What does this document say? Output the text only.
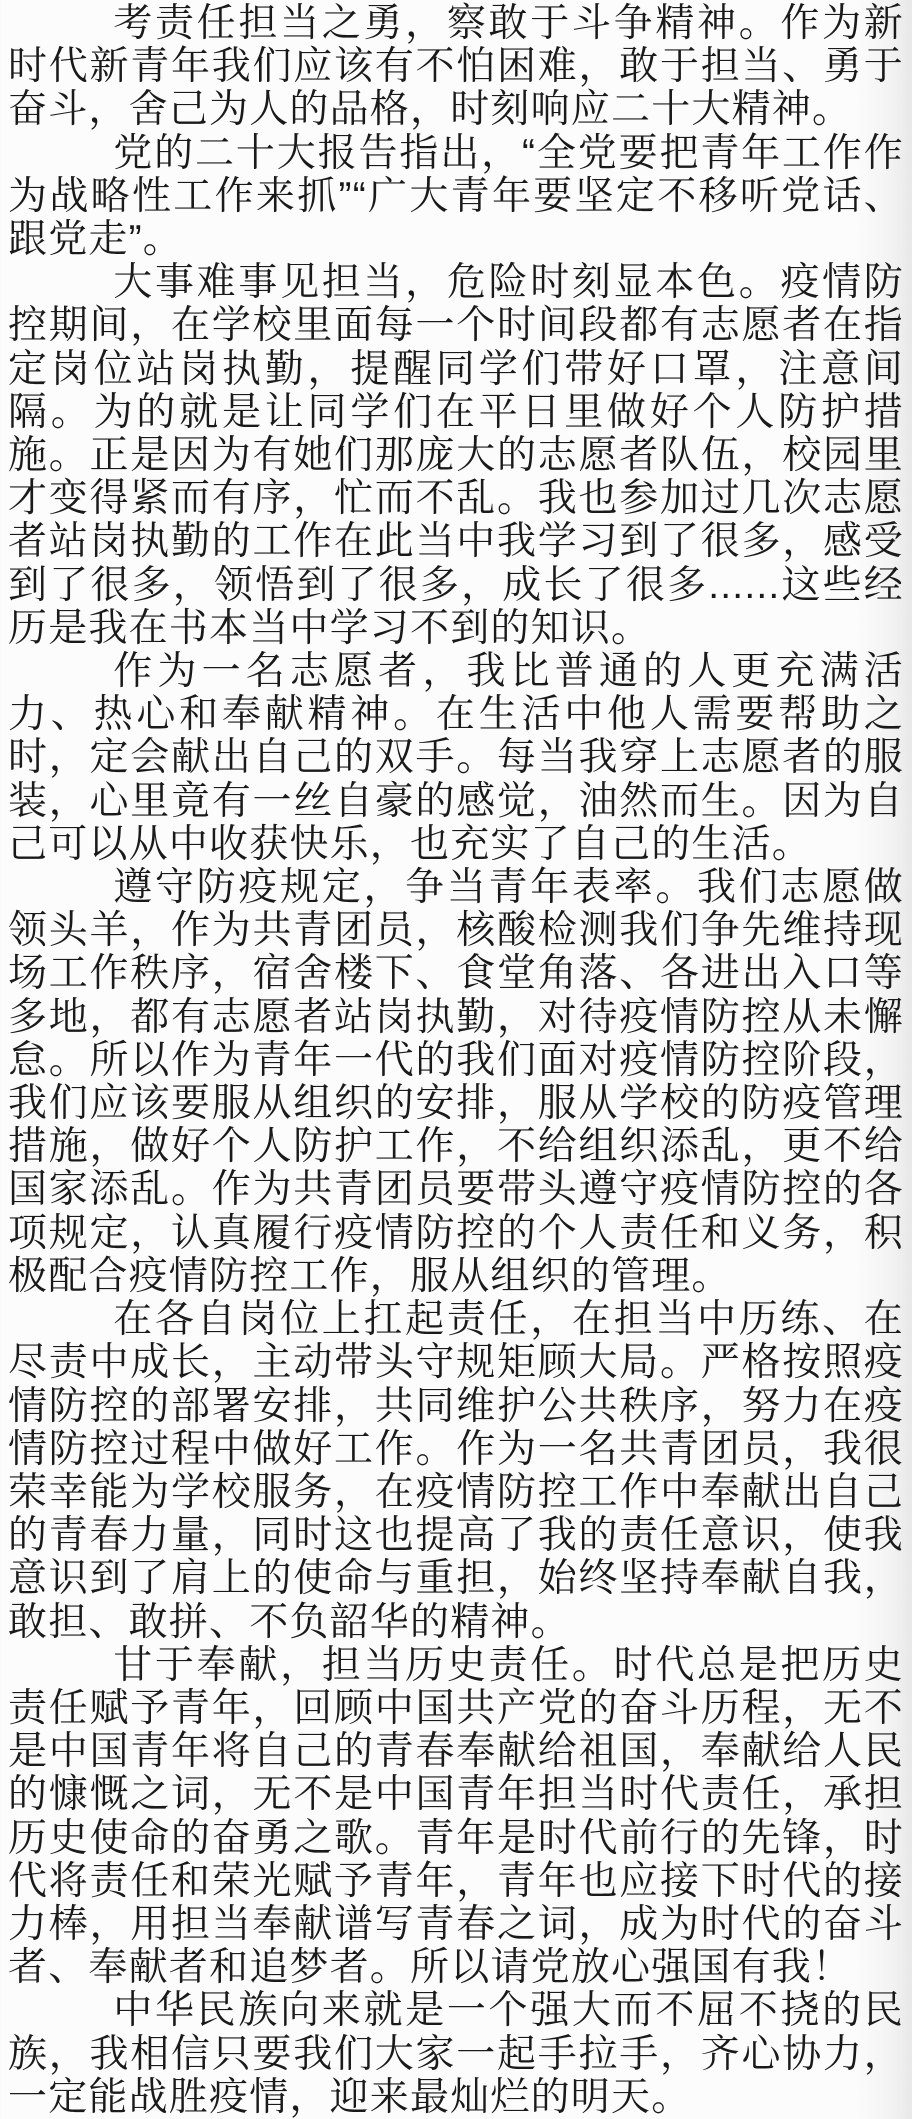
考责任担当之勇，察敢于斗争精神。作为新时代新青年我们应该有不怕困难，敢于担当、勇于奋斗，舍己为人的品格，时刻响应二十大精神。

党的二十大报告指出，“全党要把青年工作作为战略性工作来抓”“广大青年要坚定不移听党话、跟党走”。

大事难事见担当，危险时刻显本色。疫情防控期间，在学校里面每一个时间段都有志愿者在指定岗位站岗执勤，提醒同学们带好口罩，注意间隔。为的就是让同学们在平日里做好个人防护措施。正是因为有她们那庞大的志愿者队伍，校园里才变得紧而有序，忙而不乱。我也参加过几次志愿者站岗执勤的工作在此当中我学习到了很多，感受到了很多，领悟到了很多，成长了很多......这些经历是我在书本当中学习不到的知识。

作为一名志愿者，我比普通的人更充满活力、热心和奉献精神。在生活中他人需要帮助之时，定会献出自己的双手。每当我穿上志愿者的服装，心里竟有一丝自豪的感觉，油然而生。因为自己可以从中收获快乐，也充实了自己的生活。

遵守防疫规定，争当青年表率。我们志愿做领头羊，作为共青团员，核酸检测我们争先维持现场工作秩序，宿舍楼下、食堂角落、各进出入口等多地，都有志愿者站岗执勤，对待疫情防控从未懈怠。所以作为青年一代的我们面对疫情防控阶段，我们应该要服从组织的安排，服从学校的防疫管理措施，做好个人防护工作，不给组织添乱，更不给国家添乱。作为共青团员要带头遵守疫情防控的各项规定，认真履行疫情防控的个人责任和义务，积极配合疫情防控工作，服从组织的管理。

在各自岗位上扛起责任，在担当中历练、在尽责中成长，主动带头守规矩顾大局。严格按照疫情防控的部署安排，共同维护公共秩序，努力在疫情防控过程中做好工作。作为一名共青团员，我很荣幸能为学校服务，在疫情防控工作中奉献出自己的青春力量，同时这也提高了我的责任意识，使我意识到了肩上的使命与重担，始终坚持奉献自我，敢担、敢拼、不负韶华的精神。

甘于奉献，担当历史责任。时代总是把历史责任赋予青年，回顾中国共产党的奋斗历程，无不是中国青年将自己的青春奉献给祖国，奉献给人民的慷慨之词，无不是中国青年担当时代责任，承担历史使命的奋勇之歌。青年是时代前行的先锋，时代将责任和荣光赋予青年，青年也应接下时代的接力棒，用担当奉献谱写青春之词，成为时代的奋斗者、奉献者和追梦者。所以请党放心强国有我！

中华民族向来就是一个强大而不屈不挠的民族，我相信只要我们大家一起手拉手，齐心协力，一定能战胜疫情，迎来最灿烂的明天。
